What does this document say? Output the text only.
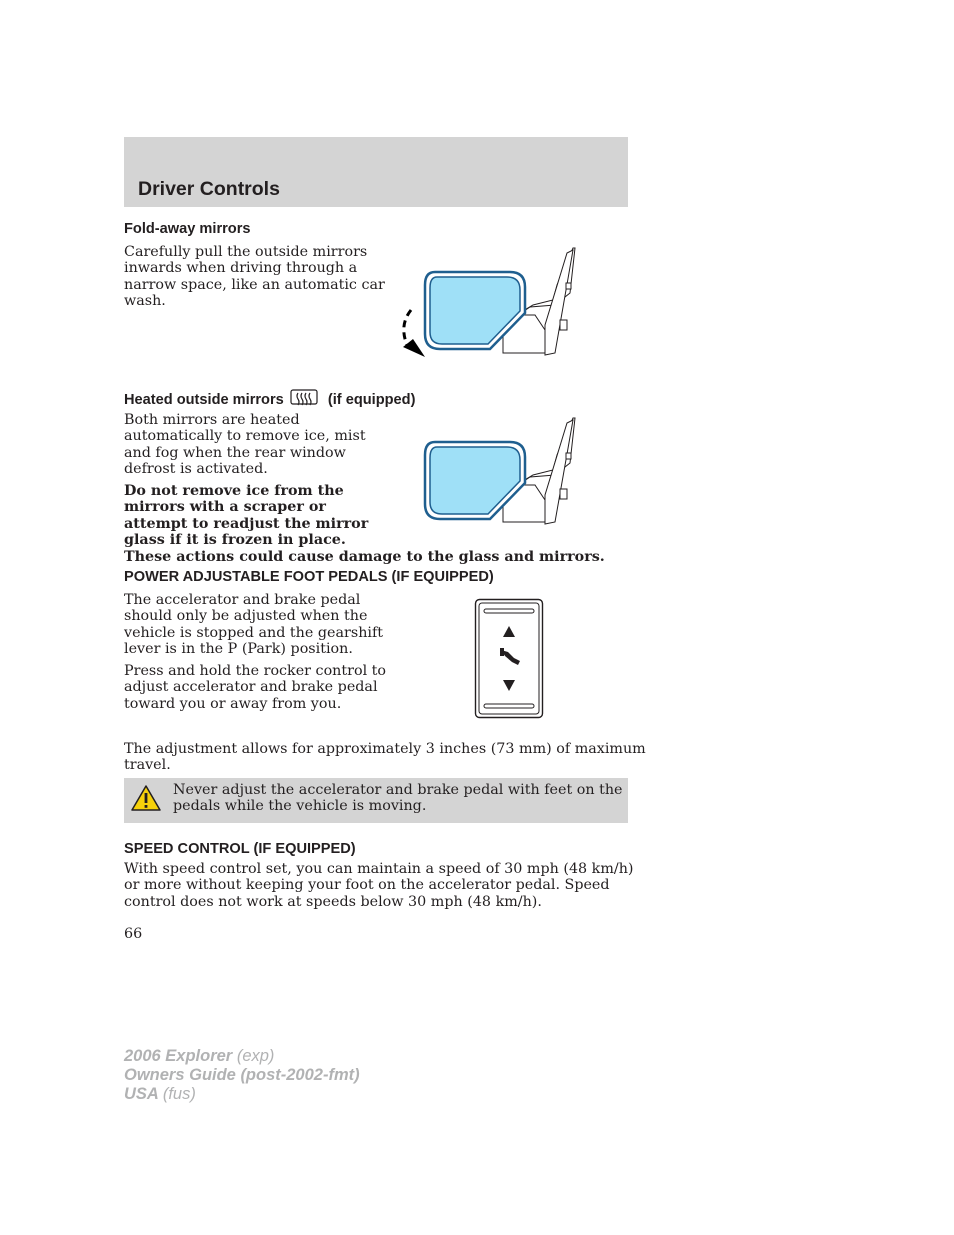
Driver Controls
Fold-away mirrors
Carefully pull the outside mirrors
inwards when driving through a
narrow space, like an automatic car
wash.
Heated outside mirrors	(if equipped)
Both mirrors are heated
automatically to remove ice, mist
and fog when the rear window
defrost is activated.
Do not remove ice from the
mirrors with a scraper or
attempt to readjust the mirror
glass if it is frozen in place.
These actions could cause damage to the glass and mirrors.
POWER ADJUSTABLE FOOT PEDALS (IF EQUIPPED)
The accelerator and brake pedal
should only be adjusted when the
vehicle is stopped and the gearshift
lever is in the P (Park) position.
Press and hold the rocker control to
adjust accelerator and brake pedal
toward you or away from you.
The adjustment allows for approximately 3 inches (73 mm) of maximum
travel.
Never adjust the accelerator and brake pedal with feet on the
pedals while the vehicle is moving.
SPEED CONTROL (IF EQUIPPED)
With speed control set, you can maintain a speed of 30 mph (48 km/h)
or more without keeping your foot on the accelerator pedal. Speed
control does not work at speeds below 30 mph (48 km/h).
66
2006 Explorer (exp)
Owners Guide (post-2002-fmt)
USA (fus)
